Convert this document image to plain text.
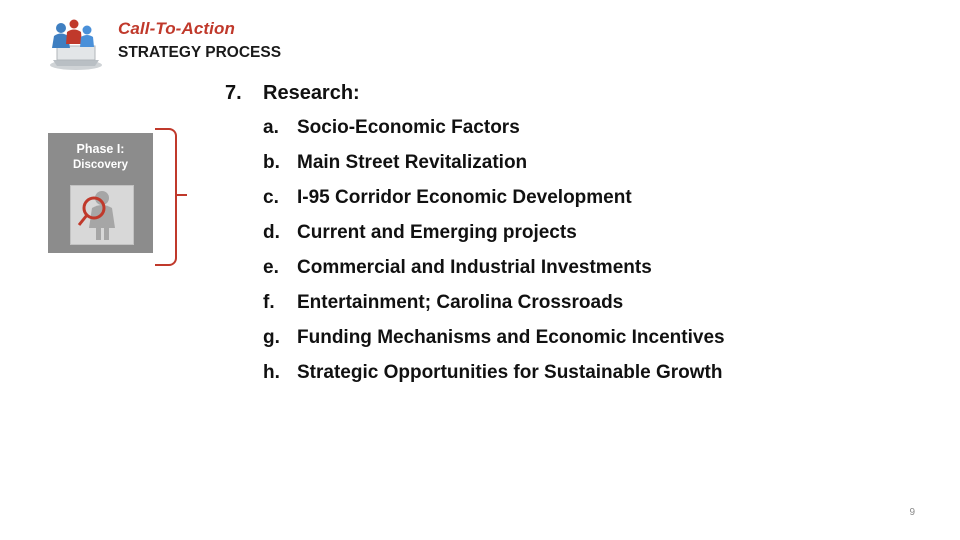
Call-To-Action
STRATEGY PROCESS
Phase I:
Discovery
7.	Research:
a. Socio-Economic Factors
b. Main Street Revitalization
c. I-95 Corridor Economic Development
d. Current and Emerging projects
e. Commercial and Industrial Investments
f.	Entertainment; Carolina Crossroads
g. Funding Mechanisms and Economic Incentives
h. Strategic Opportunities for Sustainable Growth
9
